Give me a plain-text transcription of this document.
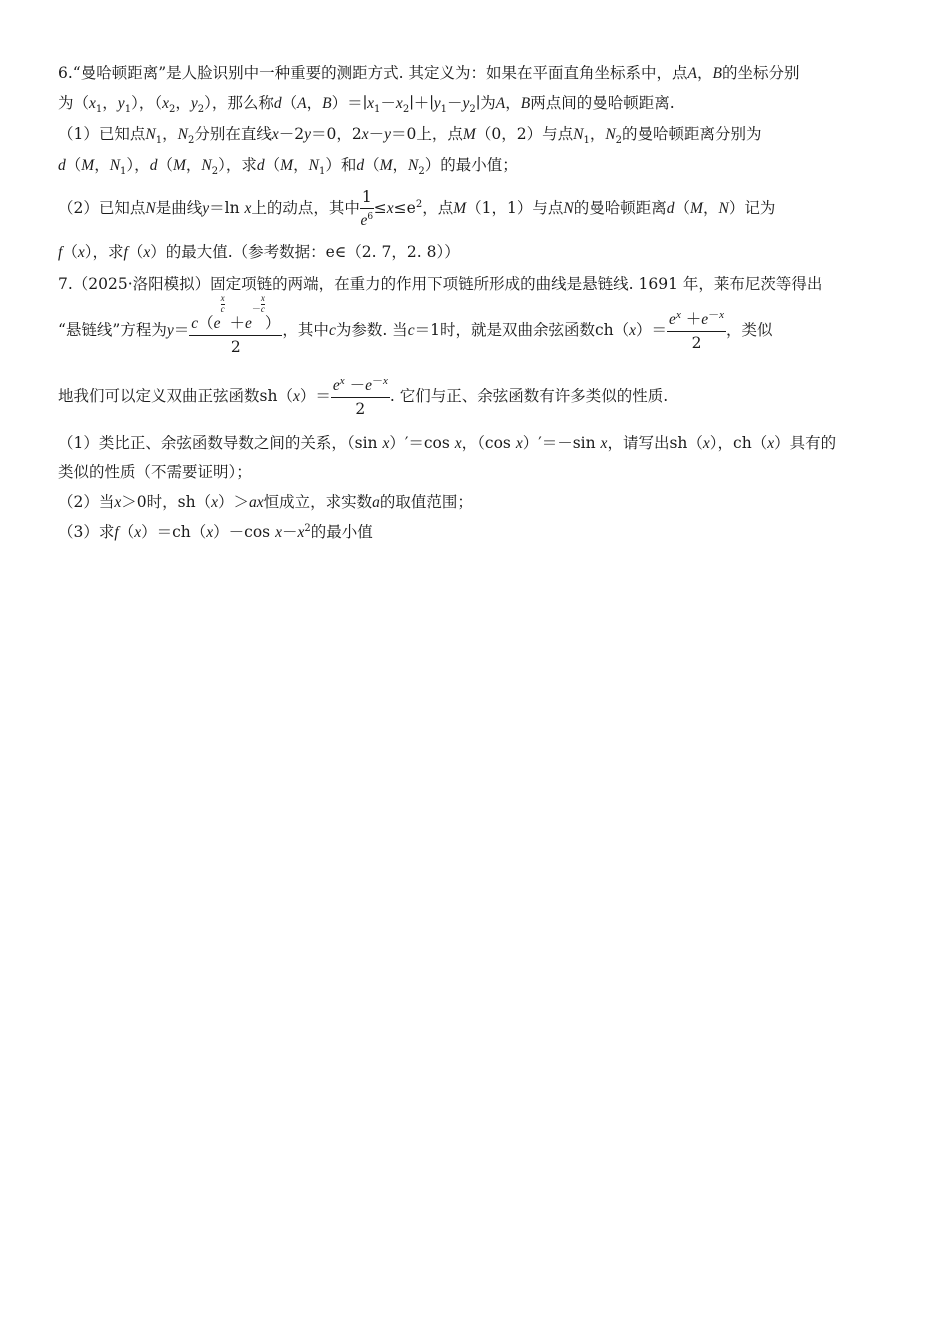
6.“曼哈顿距离”是人脸识别中一种重要的测距方式. 其定义为：如果在平面直角坐标系中，点A，B的坐标分别
为（$x_1$，$y_1$），（$x_2$，$y_2$），那么称d（A，$B)=∣x_1-x_2∣+∣y_1-y_2∣$为A，B两点间的曼哈顿距离.
（1）已知点$N_1$，$N_2$分别在直线x－2y＝0，2x－y＝0上，点M（0，2）与点$N_1$，$N_2$的曼哈顿距离分别为
d（M，$N_1$），d（M，$N_2$），求d（M，$N_1$）和d（M，$N_2$）的最小值；
（2）已知点N是曲线y＝ln x上的动点，其中 $\frac{1}{e^6} \le x\le e^2$，点M（1，1）与点N的曼哈顿距离d（M，N）记为
f（x），求f（x）的最大值.（参考数据：e∈（2. 7，2. 8））
7.（2025·洛阳模拟）固定项链的两端，在重力的作用下项链所形成的曲线是悬链线. 1691 年，莱布尼茨等得出
“悬链线”方程为$y= c(e^{\frac{x}{c}}$
$+e^{-\frac{x}{c}}$
）
2
，其中c为参数. 当c＝1时，就是双曲余弦函数$ch(x)= \frac{e^x +e^{-x}}{2}$ ，类似
地我们可以定义双曲正弦函数$sh(x)= \frac{e^x -e^{-x}}{2}$ . 它们与正、余弦函数有许多类似的性质.
（1）类比正、余弦函数导数之间的关系，（sin x）′＝cos x，（cos x）′＝－sin x，请写出sh（x），ch（x）具有的
类似的性质（不需要证明）；
（2）当x＞0时，sh（x）＞ax恒成立，求实数a的取值范围；
（3）求f（x）＝ch（x）－cos $x-x^2$的最小值
